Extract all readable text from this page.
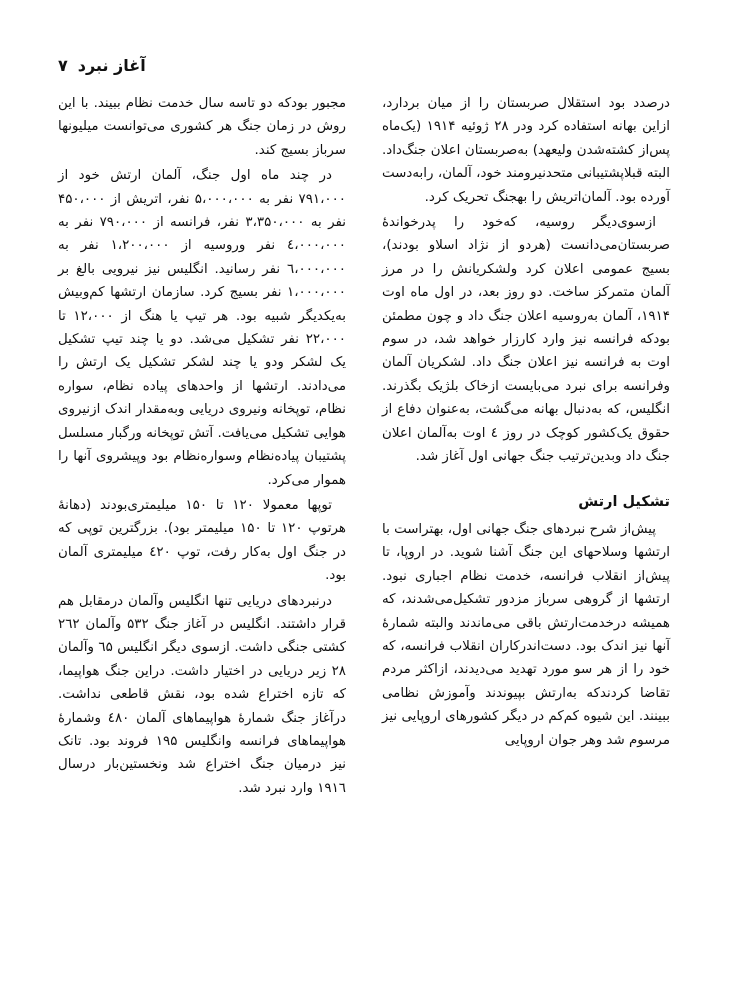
آغاز نبرد
۷

درصدد بود استقلال صربستان را از میان بردارد، ازاین بهانه استفاده کرد ودر ۲۸ ژوئیه ۱۹۱۴ (یک‌ماه پس‌از کشته‌شدن ولیعهد) به‌صربستان اعلان جنگ‌داد. البته قبلاپشتیبانی متحدنیرومند خود، آلمان، رابه‌دست آورده بود. آلمان‌اتریش را بهجنگ تحریک کرد.

ازسوی‌دیگر روسیه، که‌خود را پدرخواندهٔ صربستان‌می‌دانست (هردو از نژاد اسلاو بودند)، بسیج عمومی اعلان کرد ولشکریانش را در مرز آلمان متمرکز ساخت. دو روز بعد، در اول ماه اوت ۱۹۱۴، آلمان به‌روسیه اعلان جنگ داد و چون مطمئن بودکه فرانسه نیز وارد کارزار خواهد شد، در سوم اوت به فرانسه نیز اعلان جنگ داد. لشکریان آلمان وفرانسه برای نبرد می‌بایست ازخاک بلژیک بگذرند. انگلیس، که به‌دنبال بهانه می‌گشت، به‌عنوان دفاع از حقوق یک‌کشور کوچک در روز ٤ اوت به‌آلمان اعلان جنگ داد وبدین‌ترتیب جنگ جهانی اول آغاز شد.

تشکیل ارتش

پیش‌از شرح نبردهای جنگ جهانی اول، بهتراست با ارتشها وسلاحهای این جنگ آشنا شوید. در اروپا، تا پیش‌از انقلاب فرانسه، خدمت نظام اجباری نبود. ارتشها از گروهی سرباز مزدور تشکیل‌می‌شدند، که همیشه درخدمت‌ارتش باقی می‌ماندند والبته شمارهٔ آنها نیز اندک بود. دست‌اندرکاران انقلاب فرانسه، که خود را از هر سو مورد تهدید می‌دیدند، ازاکثر مردم تقاضا کردندکه به‌ارتش بپیوندند وآموزش نظامی ببینند. این شیوه کم‌کم در دیگر کشورهای اروپایی نیز مرسوم شد وهر جوان اروپایی

مجبور بودکه دو تاسه سال خدمت نظام ببیند. با این روش در زمان جنگ هر کشوری می‌توانست میلیونها سرباز بسیج کند.

در چند ماه اول جنگ، آلمان ارتش خود از ۷۹۱،۰۰۰ نفر به ۵،۰۰۰،۰۰۰ نفر، اتریش از ۴۵۰،۰۰۰ نفر به ۳،۳۵۰،۰۰۰ نفر، فرانسه از ۷۹۰،۰۰۰ نفر به ٤،۰۰۰،۰۰۰ نفر وروسیه از ۱،۲۰۰،۰۰۰ نفر به ٦،۰۰۰،۰۰۰ نفر رسانید. انگلیس نیز نیرویی بالغ بر ۱،۰۰۰،۰۰۰ نفر بسیج کرد. سازمان ارتشها کم‌وبیش به‌یکدیگر شبیه بود. هر تیپ یا هنگ از ۱۲،۰۰۰ تا ۲۲،۰۰۰ نفر تشکیل می‌شد. دو یا چند تیپ تشکیل یک لشکر ودو یا چند لشکر تشکیل یک ارتش را می‌دادند. ارتشها از واحدهای پیاده نظام، سواره نظام، توپخانه ونیروی دریایی وبه‌مقدار اندک ازنیروی هوایی تشکیل می‌یافت. آتش توپخانه ورگبار مسلسل پشتیبان پیاده‌نظام وسواره‌نظام بود وپیشروی آنها را هموار می‌کرد.

توپها معمولا ۱۲۰ تا ۱۵۰ میلیمتری‌بودند (دهانهٔ هرتوپ ۱۲۰ تا ۱۵۰ میلیمتر بود). بزرگترین توپی که در جنگ اول به‌کار رفت، توپ ٤۲۰ میلیمتری آلمان بود.

درنبردهای دریایی تنها انگلیس وآلمان درمقابل هم قرار داشتند. انگلیس در آغاز جنگ ۵۳۲ وآلمان ۲٦۲ کشتی جنگی داشت. ازسوی دیگر انگلیس ٦۵ وآلمان ۲۸ زیر دریایی در اختیار داشت. دراین جنگ هواپیما، که تازه اختراع شده بود، نقش قاطعی نداشت. درآغاز جنگ شمارهٔ هواپیماهای آلمان ٤۸۰ وشمارهٔ هواپیماهای فرانسه وانگلیس ۱۹۵ فروند بود. تانک نیز درمیان جنگ اختراع شد ونخستین‌بار درسال ۱۹۱٦ وارد نبرد شد.
